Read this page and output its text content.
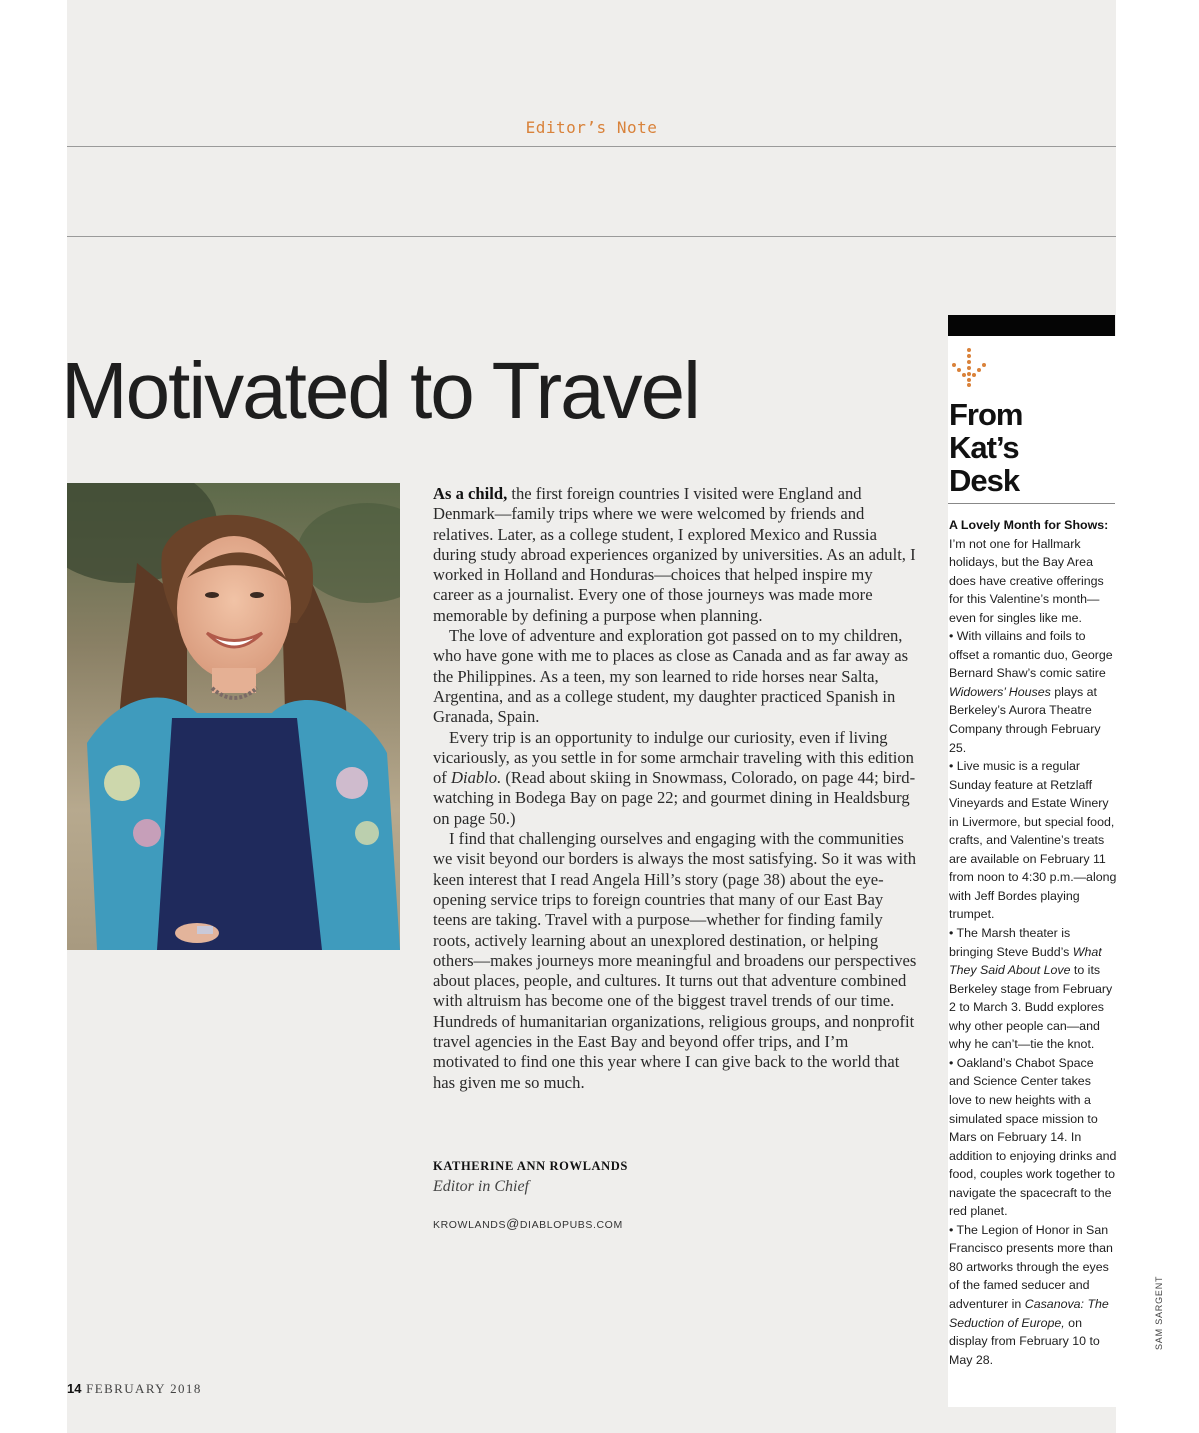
Editor’s Note
Motivated to Travel

As a child, the first foreign countries I visited were England and Denmark—family trips where we were welcomed by friends and relatives. Later, as a college student, I explored Mexico and Russia during study abroad experiences organized by universities. As an adult, I worked in Holland and Honduras—choices that helped inspire my career as a journalist. Every one of those journeys was made more memorable by defining a purpose when planning.

The love of adventure and exploration got passed on to my children, who have gone with me to places as close as Canada and as far away as the Philippines. As a teen, my son learned to ride horses near Salta, Argentina, and as a college student, my daughter practiced Spanish in Granada, Spain.

Every trip is an opportunity to indulge our curiosity, even if living vicariously, as you settle in for some armchair traveling with this edition of Diablo. (Read about skiing in Snowmass, Colorado, on page 44; bird-watching in Bodega Bay on page 22; and gourmet dining in Healdsburg on page 50.)

I find that challenging ourselves and engaging with the communities we visit beyond our borders is always the most satisfying. So it was with keen interest that I read Angela Hill’s story (page 38) about the eye-opening service trips to foreign countries that many of our East Bay teens are taking. Travel with a purpose—whether for finding family roots, actively learning about an unexplored destination, or helping others—makes journeys more meaningful and broadens our perspectives about places, people, and cultures. It turns out that adventure combined with altruism has become one of the biggest travel trends of our time. Hundreds of humanitarian organizations, religious groups, and nonprofit travel agencies in the East Bay and beyond offer trips, and I’m motivated to find one this year where I can give back to the world that has given me so much.

KATHERINE ANN ROWLANDS
Editor in Chief
KROWLANDS@DIABLOPUBS.COM
14 FEBRUARY 2018
From
Kat’s
Desk

A Lovely Month for Shows: I’m not one for Hallmark holidays, but the Bay Area does have creative offerings for this Valentine’s month—even for singles like me.

• With villains and foils to offset a romantic duo, George Bernard Shaw’s comic satire Widowers’ Houses plays at Berkeley’s Aurora Theatre Company through February 25.

• Live music is a regular Sunday feature at Retzlaff Vineyards and Estate Winery in Livermore, but special food, crafts, and Valentine’s treats are available on February 11 from noon to 4:30 p.m.—along with Jeff Bordes playing trumpet.

• The Marsh theater is bringing Steve Budd’s What They Said About Love to its Berkeley stage from February 2 to March 3. Budd explores why other people can—and why he can’t—tie the knot.

• Oakland’s Chabot Space and Science Center takes love to new heights with a simulated space mission to Mars on February 14. In addition to enjoying drinks and food, couples work together to navigate the spacecraft to the red planet.

• The Legion of Honor in San Francisco presents more than 80 artworks through the eyes of the famed seducer and adventurer in Casanova: The Seduction of Europe, on display from February 10 to May 28.

SAM SARGENT
